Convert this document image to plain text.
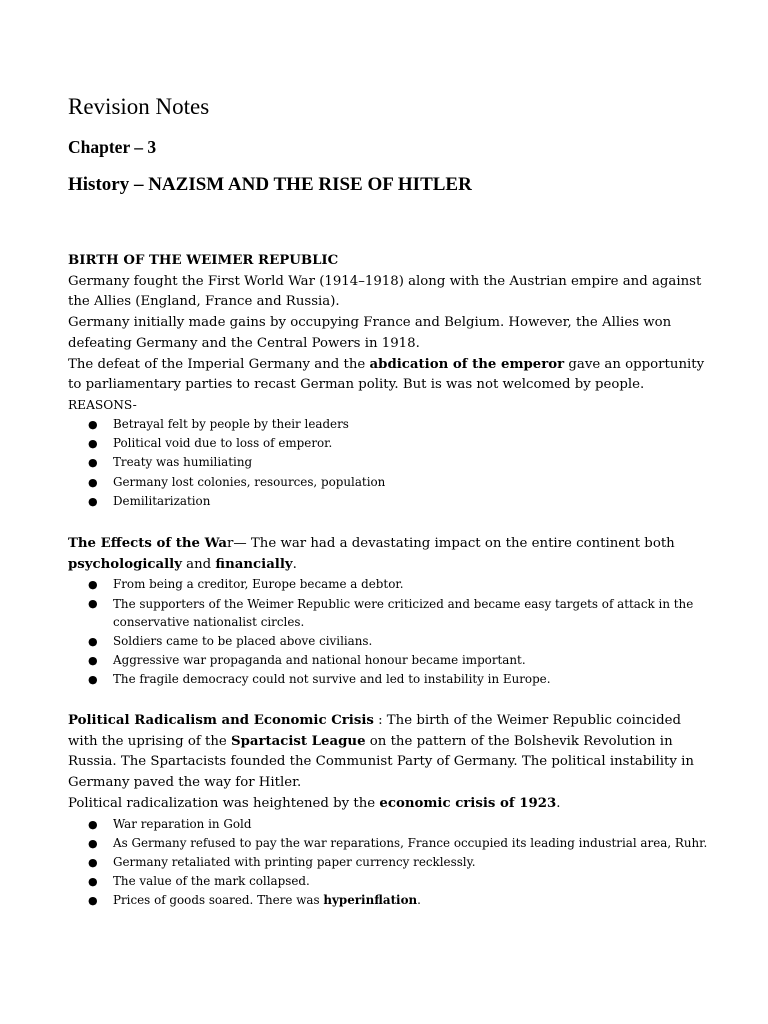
Revision Notes
Chapter – 3
History – NAZISM AND THE RISE OF HITLER

BIRTH OF THE WEIMER REPUBLIC

Germany fought the First World War (1914–1918) along with the Austrian empire and against the Allies (England, France and Russia).

Germany initially made gains by occupying France and Belgium. However, the Allies won defeating Germany and the Central Powers in 1918.

The defeat of the Imperial Germany and the abdication of the emperor gave an opportunity to parliamentary parties to recast German polity. But is was not welcomed by people.

REASONS-

● Betrayal felt by people by their leaders
● Political void due to loss of emperor.
● Treaty was humiliating
● Germany lost colonies, resources, population
● Demilitarization

The Effects of the War— The war had a devastating impact on the entire continent both psychologically and financially.

● From being a creditor, Europe became a debtor.
● The supporters of the Weimer Republic were criticized and became easy targets of attack in the conservative nationalist circles.
● Soldiers came to be placed above civilians.
● Aggressive war propaganda and national honour became important.
● The fragile democracy could not survive and led to instability in Europe.

Political Radicalism and Economic Crisis : The birth of the Weimer Republic coincided with the uprising of the Spartacist League on the pattern of the Bolshevik Revolution in Russia. The Spartacists founded the Communist Party of Germany. The political instability in Germany paved the way for Hitler.

Political radicalization was heightened by the economic crisis of 1923.

● War reparation in Gold
● As Germany refused to pay the war reparations, France occupied its leading industrial area, Ruhr.
● Germany retaliated with printing paper currency recklessly.
● The value of the mark collapsed.
● Prices of goods soared. There was hyperinflation.
